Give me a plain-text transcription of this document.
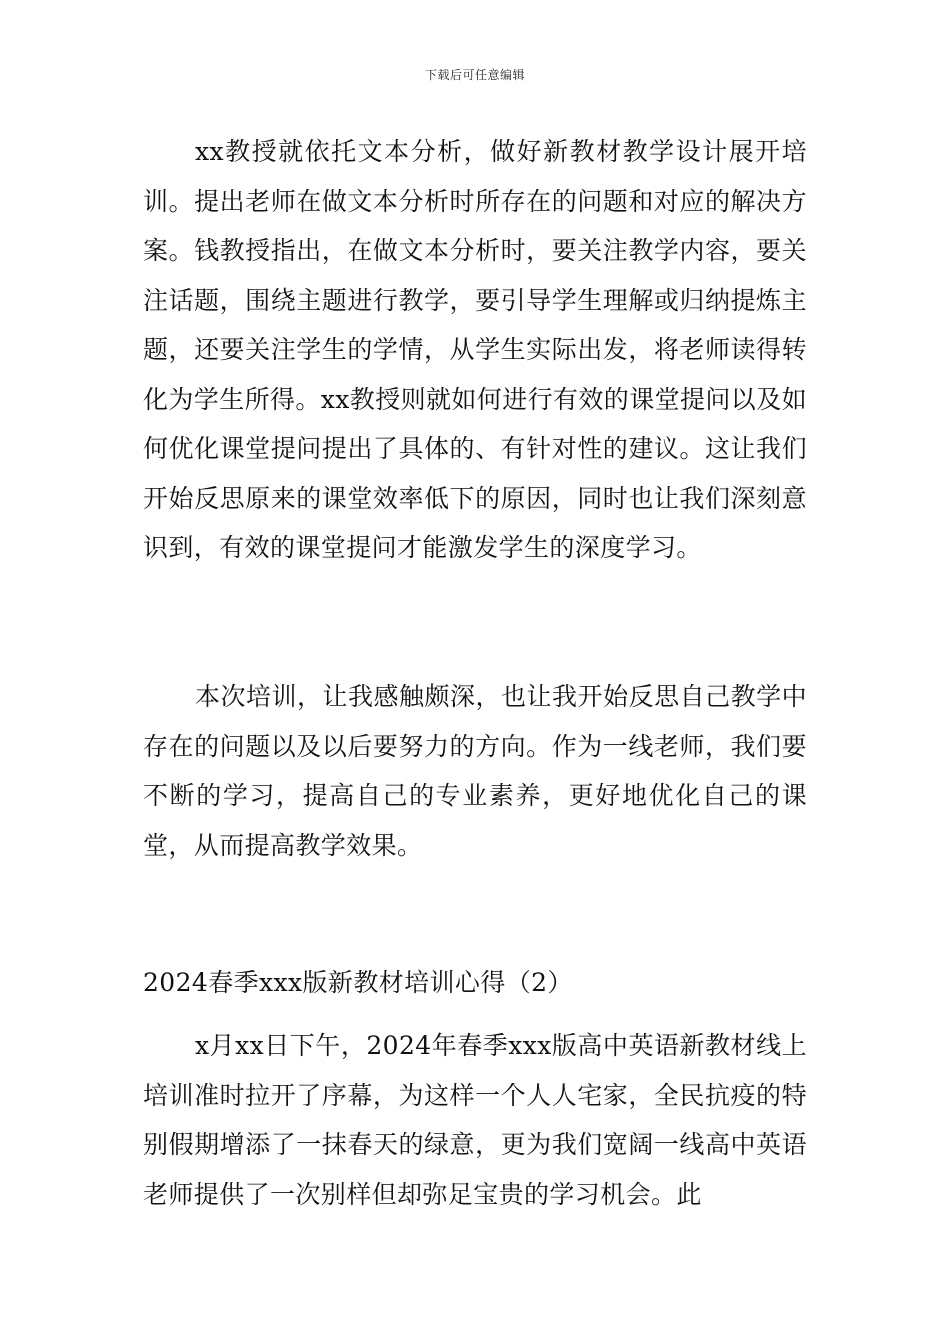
下载后可任意编辑

xx教授就依托文本分析，做好新教材教学设计展开培训。提出老师在做文本分析时所存在的问题和对应的解决方案。钱教授指出，在做文本分析时，要关注教学内容，要关注话题，围绕主题进行教学，要引导学生理解或归纳提炼主题，还要关注学生的学情，从学生实际出发，将老师读得转化为学生所得。xx教授则就如何进行有效的课堂提问以及如何优化课堂提问提出了具体的、有针对性的建议。这让我们开始反思原来的课堂效率低下的原因，同时也让我们深刻意识到，有效的课堂提问才能激发学生的深度学习。

本次培训，让我感触颇深，也让我开始反思自己教学中存在的问题以及以后要努力的方向。作为一线老师，我们要不断的学习，提高自己的专业素养，更好地优化自己的课堂，从而提高教学效果。

2024春季xxx版新教材培训心得（2）

x月xx日下午，2024年春季xxx版高中英语新教材线上培训准时拉开了序幕，为这样一个人人宅家，全民抗疫的特别假期增添了一抹春天的绿意，更为我们宽阔一线高中英语老师提供了一次别样但却弥足宝贵的学习机会。此
